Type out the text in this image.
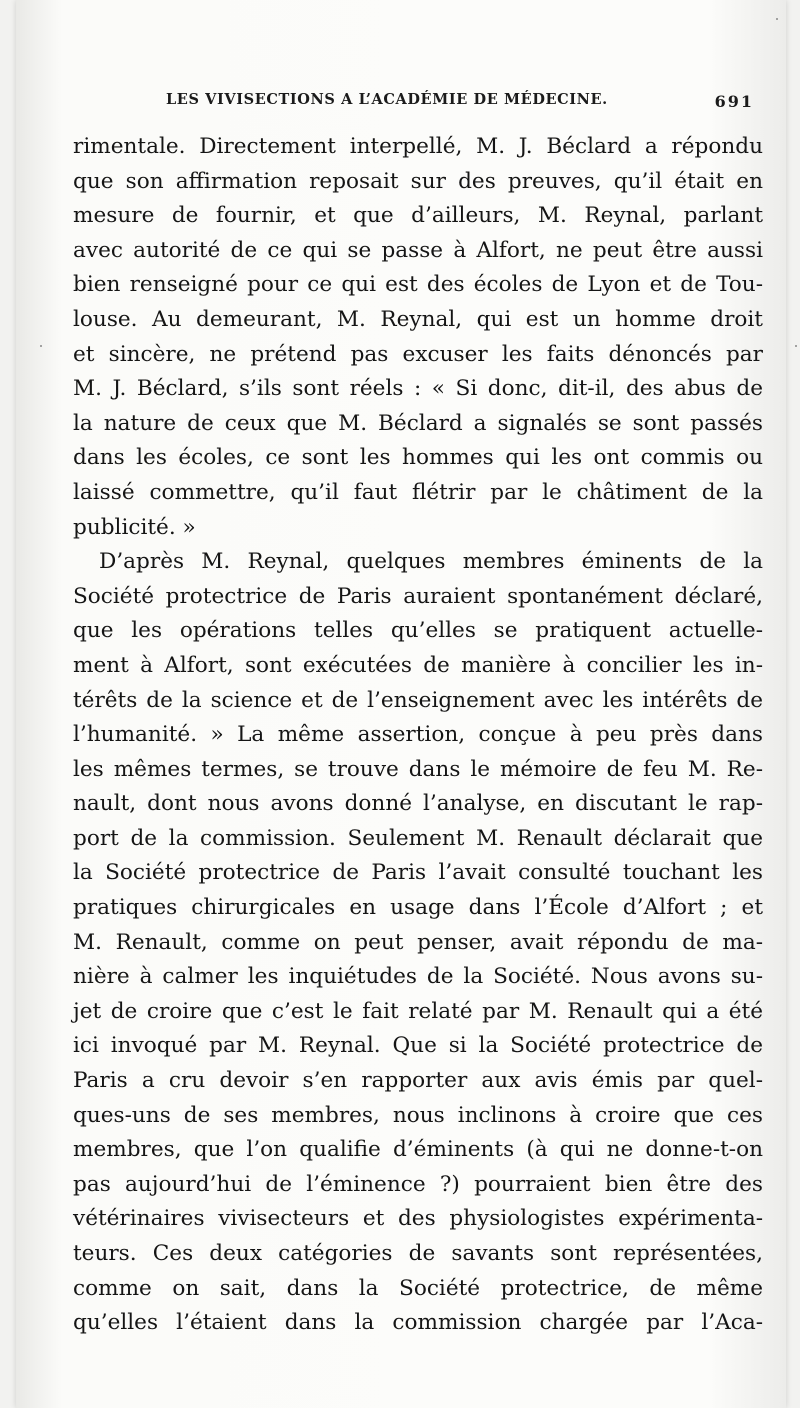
LES VIVISECTIONS A L’ACADÉMIE DE MÉDECINE.	691
rimentale. Directement interpellé, M. J. Béclard a répondu
que son affirmation reposait sur des preuves, qu’il était en
mesure de fournir, et que d’ailleurs, M. Reynal, parlant
avec autorité de ce qui se passe à Alfort, ne peut être aussi
bien renseigné pour ce qui est des écoles de Lyon et de Tou-
louse. Au demeurant, M. Reynal, qui est un homme droit
et sincère, ne prétend pas excuser les faits dénoncés par
M. J. Béclard, s’ils sont réels : « Si donc, dit-il, des abus de
la nature de ceux que M. Béclard a signalés se sont passés
dans les écoles, ce sont les hommes qui les ont commis ou
laissé commettre, qu’il faut flétrir par le châtiment de la
publicité. »
D’après M. Reynal, quelques membres éminents de la
Société protectrice de Paris auraient spontanément déclaré,
que les opérations telles qu’elles se pratiquent actuelle-
ment à Alfort, sont exécutées de manière à concilier les in-
térêts de la science et de l’enseignement avec les intérêts de
l’humanité. » La même assertion, conçue à peu près dans
les mêmes termes, se trouve dans le mémoire de feu M. Re-
nault, dont nous avons donné l’analyse, en discutant le rap-
port de la commission. Seulement M. Renault déclarait que
la Société protectrice de Paris l’avait consulté touchant les
pratiques chirurgicales en usage dans l’École d’Alfort ; et
M. Renault, comme on peut penser, avait répondu de ma-
nière à calmer les inquiétudes de la Société. Nous avons su-
jet de croire que c’est le fait relaté par M. Renault qui a été
ici invoqué par M. Reynal. Que si la Société protectrice de
Paris a cru devoir s’en rapporter aux avis émis par quel-
ques-uns de ses membres, nous inclinons à croire que ces
membres, que l’on qualifie d’éminents (à qui ne donne-t-on
pas aujourd’hui de l’éminence ?) pourraient bien être des
vétérinaires vivisecteurs et des physiologistes expérimenta-
teurs. Ces deux catégories de savants sont représentées,
comme on sait, dans la Société protectrice, de même
qu’elles l’étaient dans la commission chargée par l’Aca-
